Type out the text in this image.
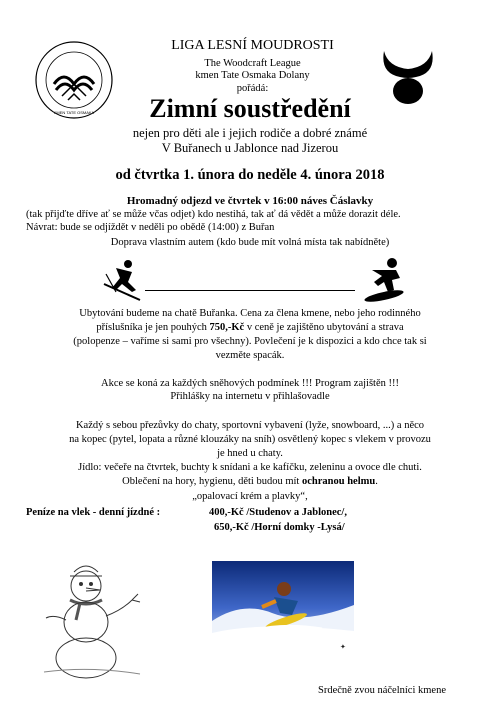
KMEN TATE OSMAKA
LIGA LESNÍ MOUDROSTI
The Woodcraft League
kmen Tate Osmaka Dolany
pořádá:
Zimní soustředění
nejen pro děti ale i jejich rodiče a dobré známé
V Buřanech u Jablonce nad Jizerou
od čtvrtka 1. února do neděle 4. února 2018
Hromadný odjezd ve čtvrtek v 16:00 náves Čáslavky
(tak přijďte dříve ať se může včas odjet) kdo nestihá, tak ať dá vědět a může dorazit déle.
Návrat: bude se odjíždět v neděli po obědě (14:00) z Buřan
Doprava vlastním autem (kdo bude mít volná místa tak nabídněte)
Ubytování budeme na chatě Buřanka. Cena za člena kmene, nebo jeho rodinného
příslušníka je jen pouhých 750,-Kč v ceně je zajištěno ubytování a strava
(polopenze – vaříme si sami pro všechny). Povlečení je k dispozici a kdo chce tak si
vezměte spacák.
Akce se koná za každých sněhových podmínek !!! Program zajištěn !!!
Přihlášky na internetu v přihlašovadle
Každý s sebou přezůvky do chaty, sportovní vybavení (lyže, snowboard, ...) a něco
na kopec (pytel, lopata a různé klouzáky na sníh) osvětlený kopec s vlekem v provozu
je hned u chaty.
Jídlo: večeře na čtvrtek, buchty k snídani a ke kafíčku, zeleninu a ovoce dle chuti.
Oblečení na hory, hygienu, děti budou mít ochranou helmu.
„opalovací krém a plavky“,
Peníze na vlek - denní jízdné :	400,-Kč /Studenov a Jablonec/,
650,-Kč /Horní domky -Lysá/
✦
Srdečně zvou náčelníci kmene
